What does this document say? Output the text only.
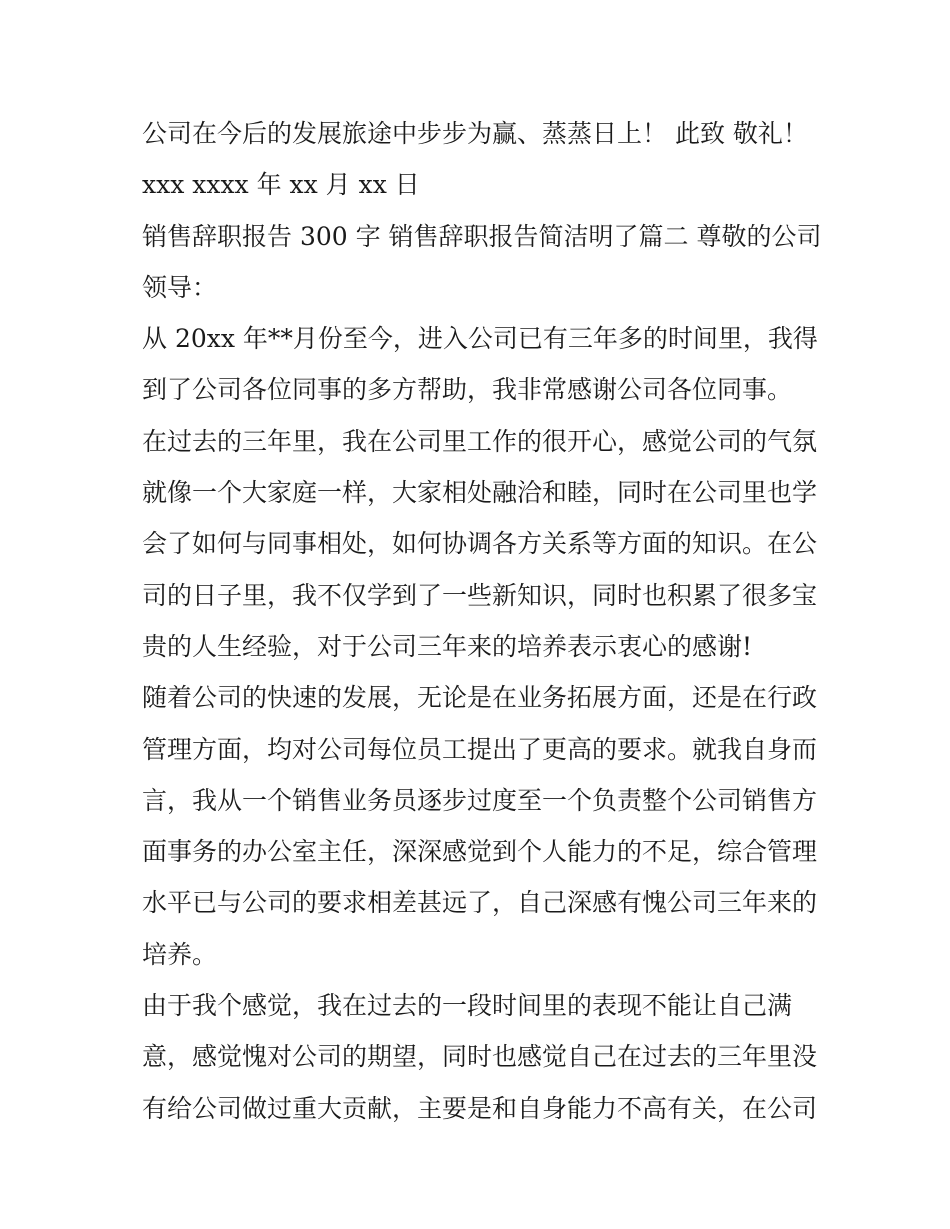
公司在今后的发展旅途中步步为赢、蒸蒸日上！ 此致 敬礼！
xxx xxxx 年 xx 月 xx 日
销售辞职报告 300 字 销售辞职报告简洁明了篇二 尊敬的公司
领导：
从 20xx 年**月份至今，进入公司已有三年多的时间里，我得
到了公司各位同事的多方帮助，我非常感谢公司各位同事。
在过去的三年里，我在公司里工作的很开心，感觉公司的气氛
就像一个大家庭一样，大家相处融洽和睦，同时在公司里也学
会了如何与同事相处，如何协调各方关系等方面的知识。在公
司的日子里，我不仅学到了一些新知识，同时也积累了很多宝
贵的人生经验，对于公司三年来的培养表示衷心的感谢!
随着公司的快速的发展，无论是在业务拓展方面，还是在行政
管理方面，均对公司每位员工提出了更高的要求。就我自身而
言，我从一个销售业务员逐步过度至一个负责整个公司销售方
面事务的办公室主任，深深感觉到个人能力的不足，综合管理
水平已与公司的要求相差甚远了，自己深感有愧公司三年来的
培养。
由于我个感觉，我在过去的一段时间里的表现不能让自己满
意，感觉愧对公司的期望，同时也感觉自己在过去的三年里没
有给公司做过重大贡献，主要是和自身能力不高有关，在公司
